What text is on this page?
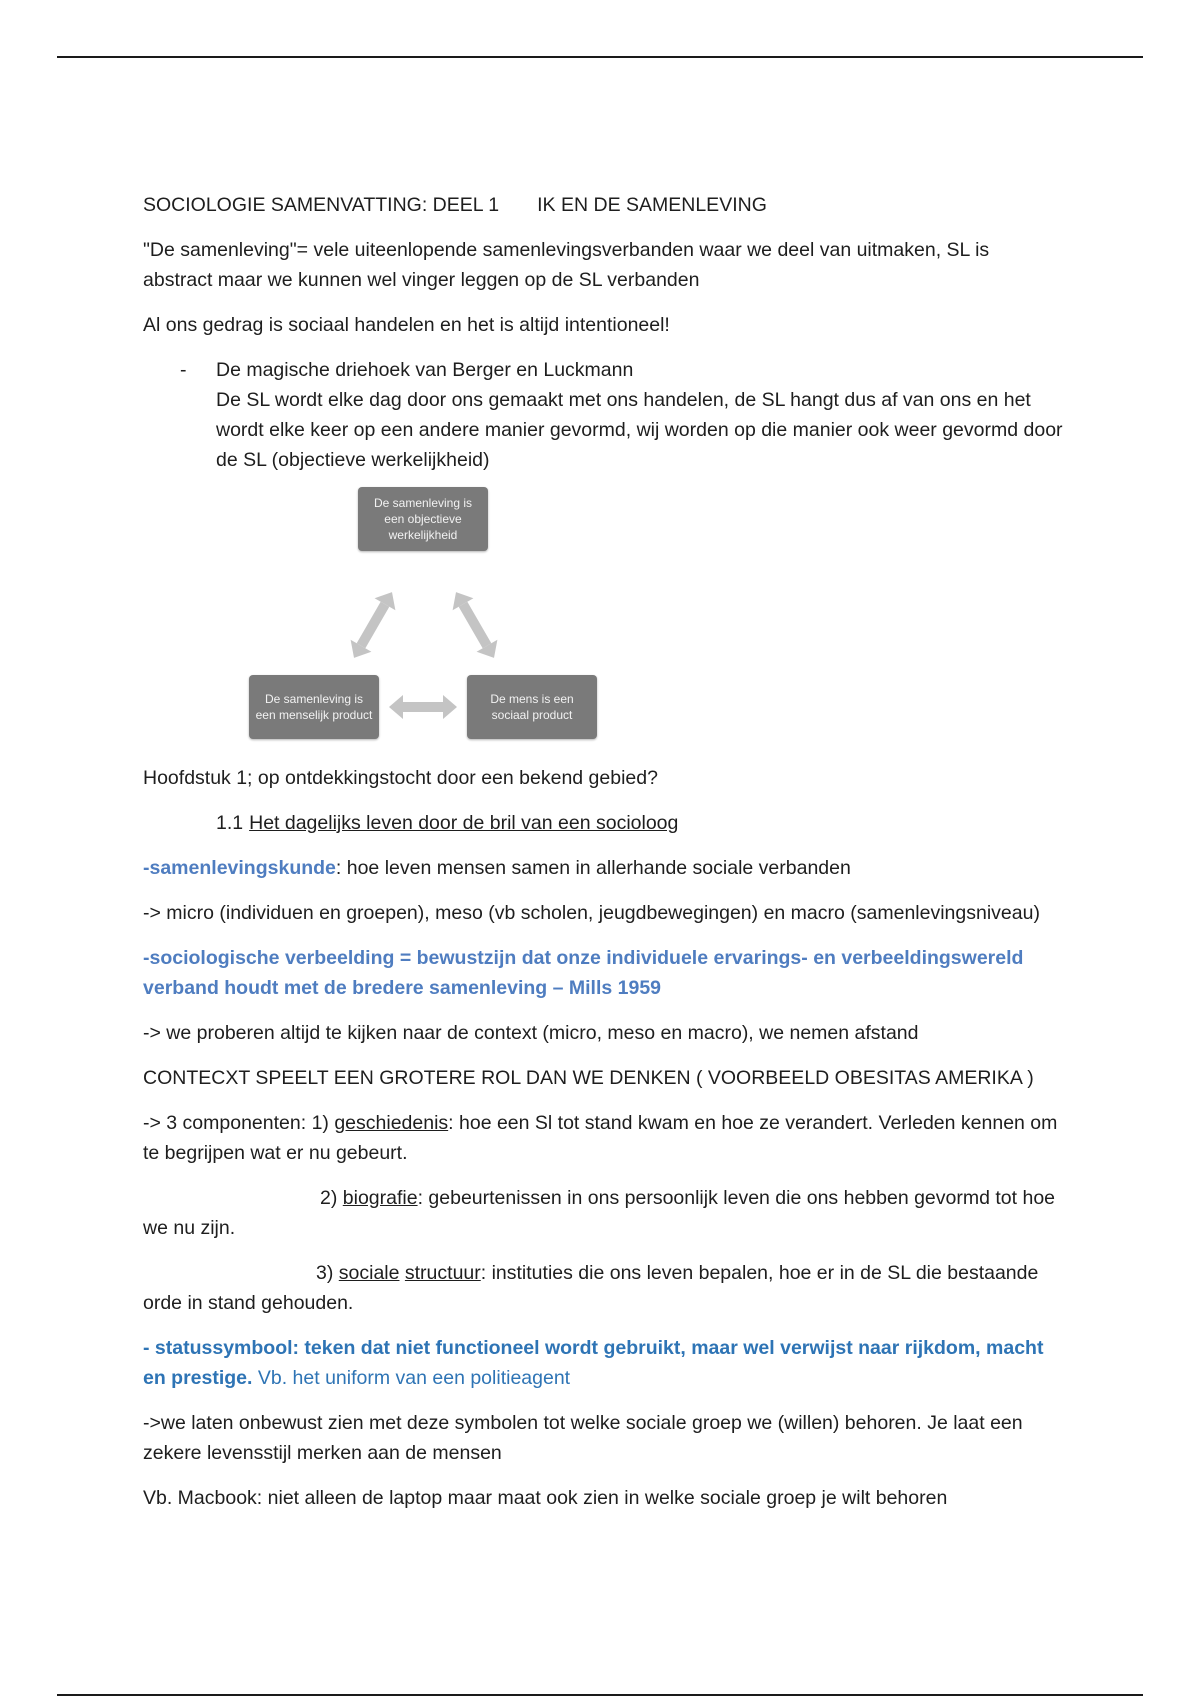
SOCIOLOGIE SAMENVATTING: DEEL 1 IK EN DE SAMENLEVING

"De samenleving"= vele uiteenlopende samenlevingsverbanden waar we deel van uitmaken, SL is abstract maar we kunnen wel vinger leggen op de SL verbanden

Al ons gedrag is sociaal handelen en het is altijd intentioneel!

- De magische driehoek van Berger en Luckmann
De SL wordt elke dag door ons gemaakt met ons handelen, de SL hangt dus af van ons en het wordt elke keer op een andere manier gevormd, wij worden op die manier ook weer gevormd door de SL (objectieve werkelijkheid)
De samenleving is een objectieve werkelijkheid
De samenleving is een menselijk product
De mens is een sociaal product

Hoofdstuk 1; op ontdekkingstocht door een bekend gebied?

1.1 Het dagelijks leven door de bril van een socioloog

-samenlevingskunde: hoe leven mensen samen in allerhande sociale verbanden

-> micro (individuen en groepen), meso (vb scholen, jeugdbewegingen) en macro (samenlevingsniveau)

-sociologische verbeelding = bewustzijn dat onze individuele ervarings- en verbeeldingswereld verband houdt met de bredere samenleving – Mills 1959

-> we proberen altijd te kijken naar de context (micro, meso en macro), we nemen afstand

CONTECXT SPEELT EEN GROTERE ROL DAN WE DENKEN ( VOORBEELD OBESITAS AMERIKA )

-> 3 componenten: 1) geschiedenis: hoe een Sl tot stand kwam en hoe ze verandert. Verleden kennen om te begrijpen wat er nu gebeurt.

2) biografie: gebeurtenissen in ons persoonlijk leven die ons hebben gevormd tot hoe we nu zijn.

3) sociale structuur: instituties die ons leven bepalen, hoe er in de SL die bestaande orde in stand gehouden.

- statussymbool: teken dat niet functioneel wordt gebruikt, maar wel verwijst naar rijkdom, macht en prestige. Vb. het uniform van een politieagent

->we laten onbewust zien met deze symbolen tot welke sociale groep we (willen) behoren. Je laat een zekere levensstijl merken aan de mensen

Vb. Macbook: niet alleen de laptop maar maat ook zien in welke sociale groep je wilt behoren
